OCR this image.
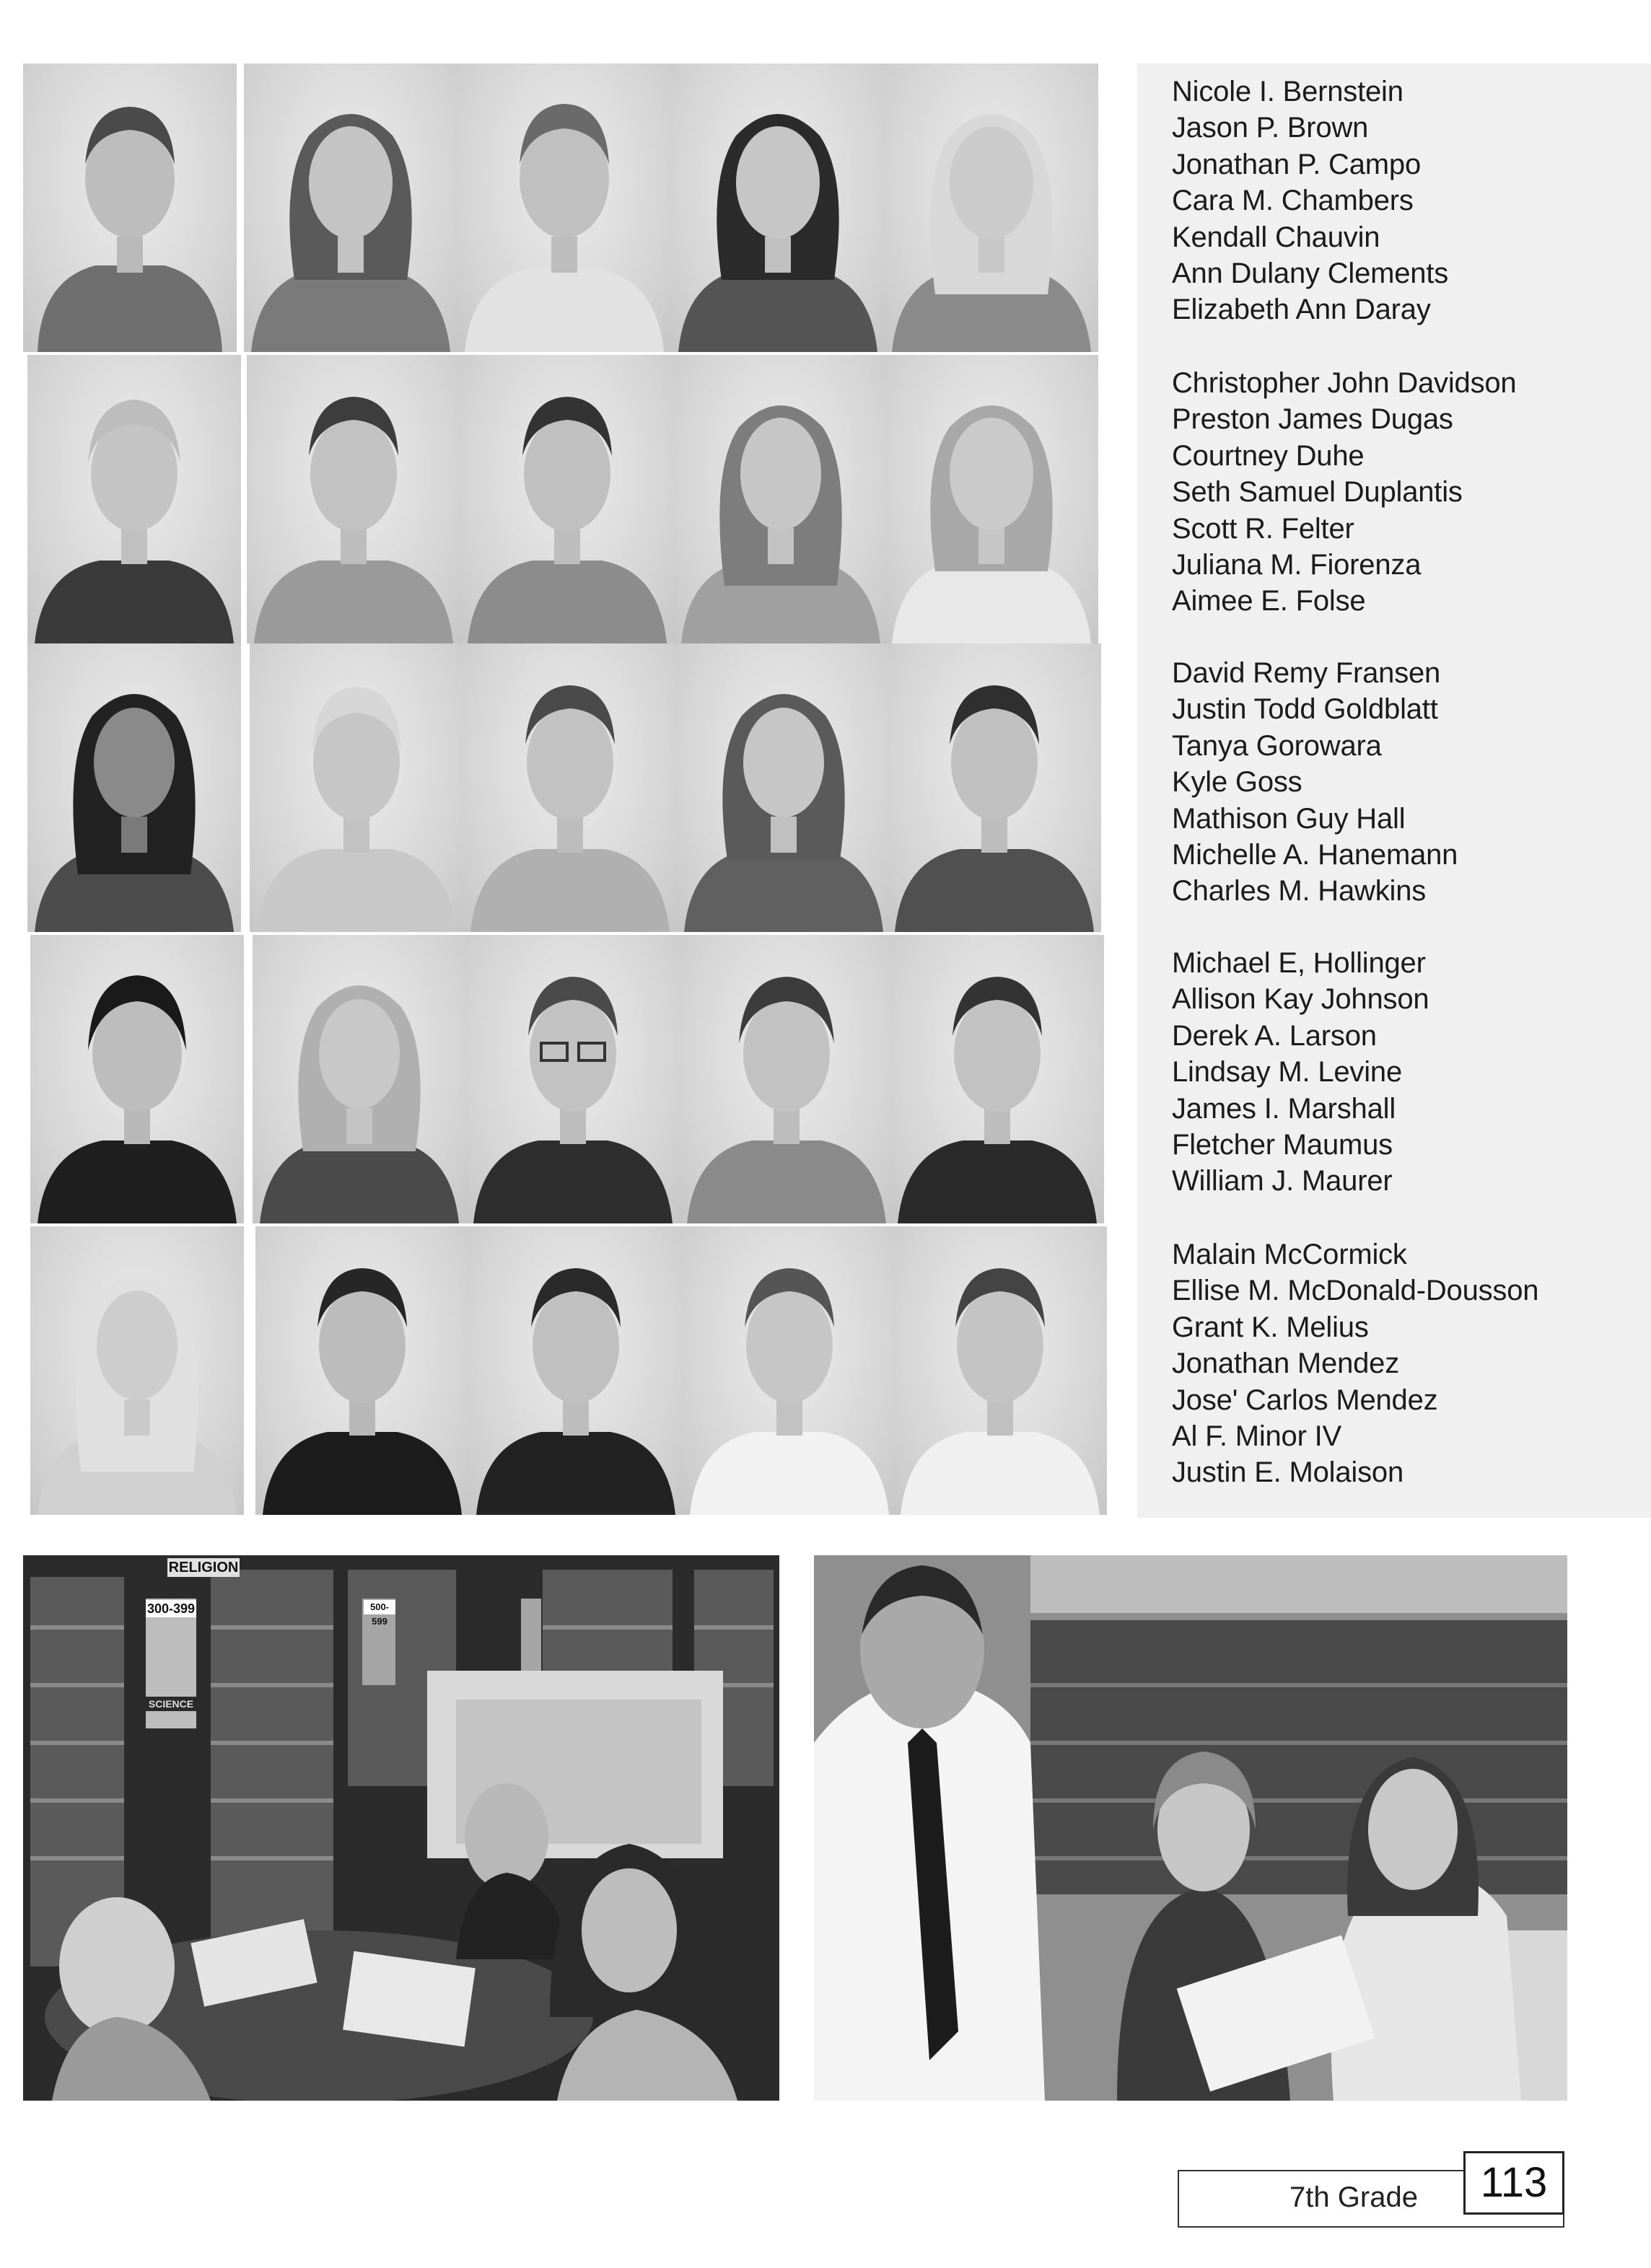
Nicole I. Bernstein
Jason P. Brown
Jonathan P. Campo
Cara M. Chambers
Kendall Chauvin
Ann Dulany Clements
Elizabeth Ann Daray
Christopher John Davidson
Preston James Dugas
Courtney Duhe
Seth Samuel Duplantis
Scott R. Felter
Juliana M. Fiorenza
Aimee E. Folse
David Remy Fransen
Justin Todd Goldblatt
Tanya Gorowara
Kyle Goss
Mathison Guy Hall
Michelle A. Hanemann
Charles M. Hawkins
Michael E, Hollinger
Allison Kay Johnson
Derek A. Larson
Lindsay M. Levine
James I. Marshall
Fletcher Maumus
William J. Maurer
Malain McCormick
Ellise M. McDonald-Dousson
Grant K. Melius
Jonathan Mendez
Jose' Carlos Mendez
Al F. Minor IV
Justin E. Molaison
RELIGION
300-399
SCIENCE
500-599
7th Grade	113
